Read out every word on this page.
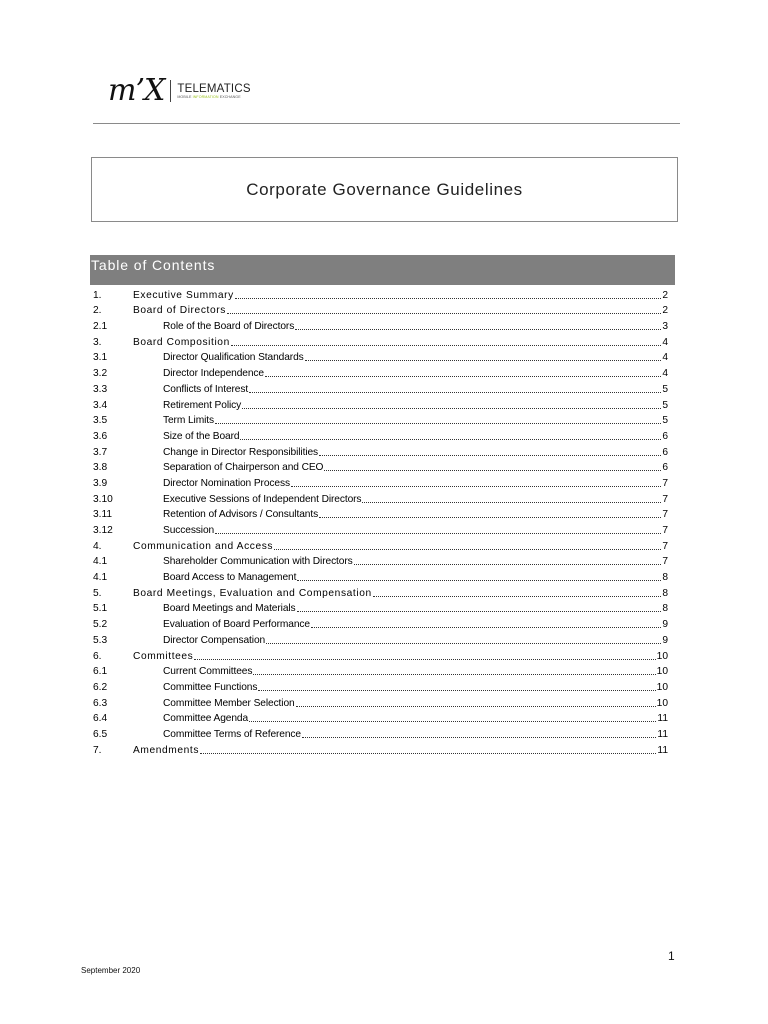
m’X TELEMATICS
MOBILE INFORMATION EXCHANGE
Corporate Governance Guidelines
Table of Contents
1.	Executive Summary	2
2.	Board of Directors	2
2.1	Role of the Board of Directors	3
3.	Board Composition	4
3.1	Director Qualification Standards	4
3.2	Director Independence	4
3.3	Conflicts of Interest	5
3.4	Retirement Policy	5
3.5	Term Limits	5
3.6	Size of the Board	6
3.7	Change in Director Responsibilities	6
3.8	Separation of Chairperson and CEO	6
3.9	Director Nomination Process	7
3.10	Executive Sessions of Independent Directors	7
3.11	Retention of Advisors / Consultants	7
3.12	Succession	7
4.	Communication and Access	7
4.1	Shareholder Communication with Directors	7
4.1	Board Access to Management	8
5.	Board Meetings, Evaluation and Compensation	8
5.1	Board Meetings and Materials	8
5.2	Evaluation of Board Performance	9
5.3	Director Compensation	9
6.	Committees	10
6.1	Current Committees	10
6.2	Committee Functions	10
6.3	Committee Member Selection	10
6.4	Committee Agenda	11
6.5	Committee Terms of Reference	11
7.	Amendments	11
1
September 2020
